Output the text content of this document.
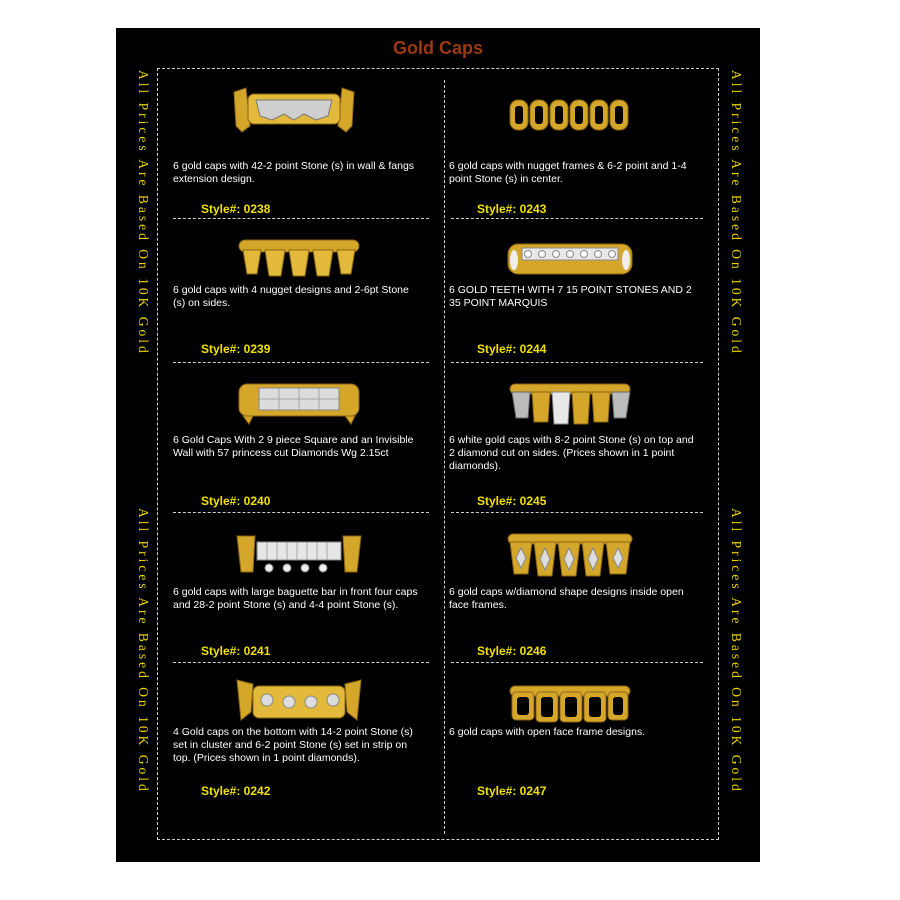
Gold Caps
All Prices Are Based On 10K Gold
All Prices Are Based On 10K Gold
All Prices Are Based On 10K Gold
All Prices Are Based On 10K Gold
6 gold caps with 42-2 point Stone (s) in wall & fangs extension design.
Style#: 0238
6 gold caps with nugget frames & 6-2 point and 1-4 point Stone (s) in center.
Style#: 0243
6 gold caps with 4 nugget designs and 2-6pt Stone (s) on sides.
Style#: 0239
6 GOLD TEETH WITH 7 15 POINT STONES AND 2 35 POINT MARQUIS
Style#: 0244
6 Gold Caps With 2 9 piece Square and an Invisible Wall with 57 princess cut Diamonds Wg 2.15ct
Style#: 0240
6 white gold caps with 8-2 point Stone (s) on top and 2 diamond cut on sides. (Prices shown in 1 point diamonds).
Style#: 0245
6 gold caps with large baguette bar in front four caps and 28-2 point Stone (s) and 4-4 point Stone (s).
Style#: 0241
6 gold caps w/diamond shape designs inside open face frames.
Style#: 0246
4 Gold caps on the bottom with 14-2 point Stone (s) set in cluster and 6-2 point Stone (s) set in strip on top. (Prices shown in 1 point diamonds).
Style#: 0242
6 gold caps with open face frame designs.
Style#: 0247
